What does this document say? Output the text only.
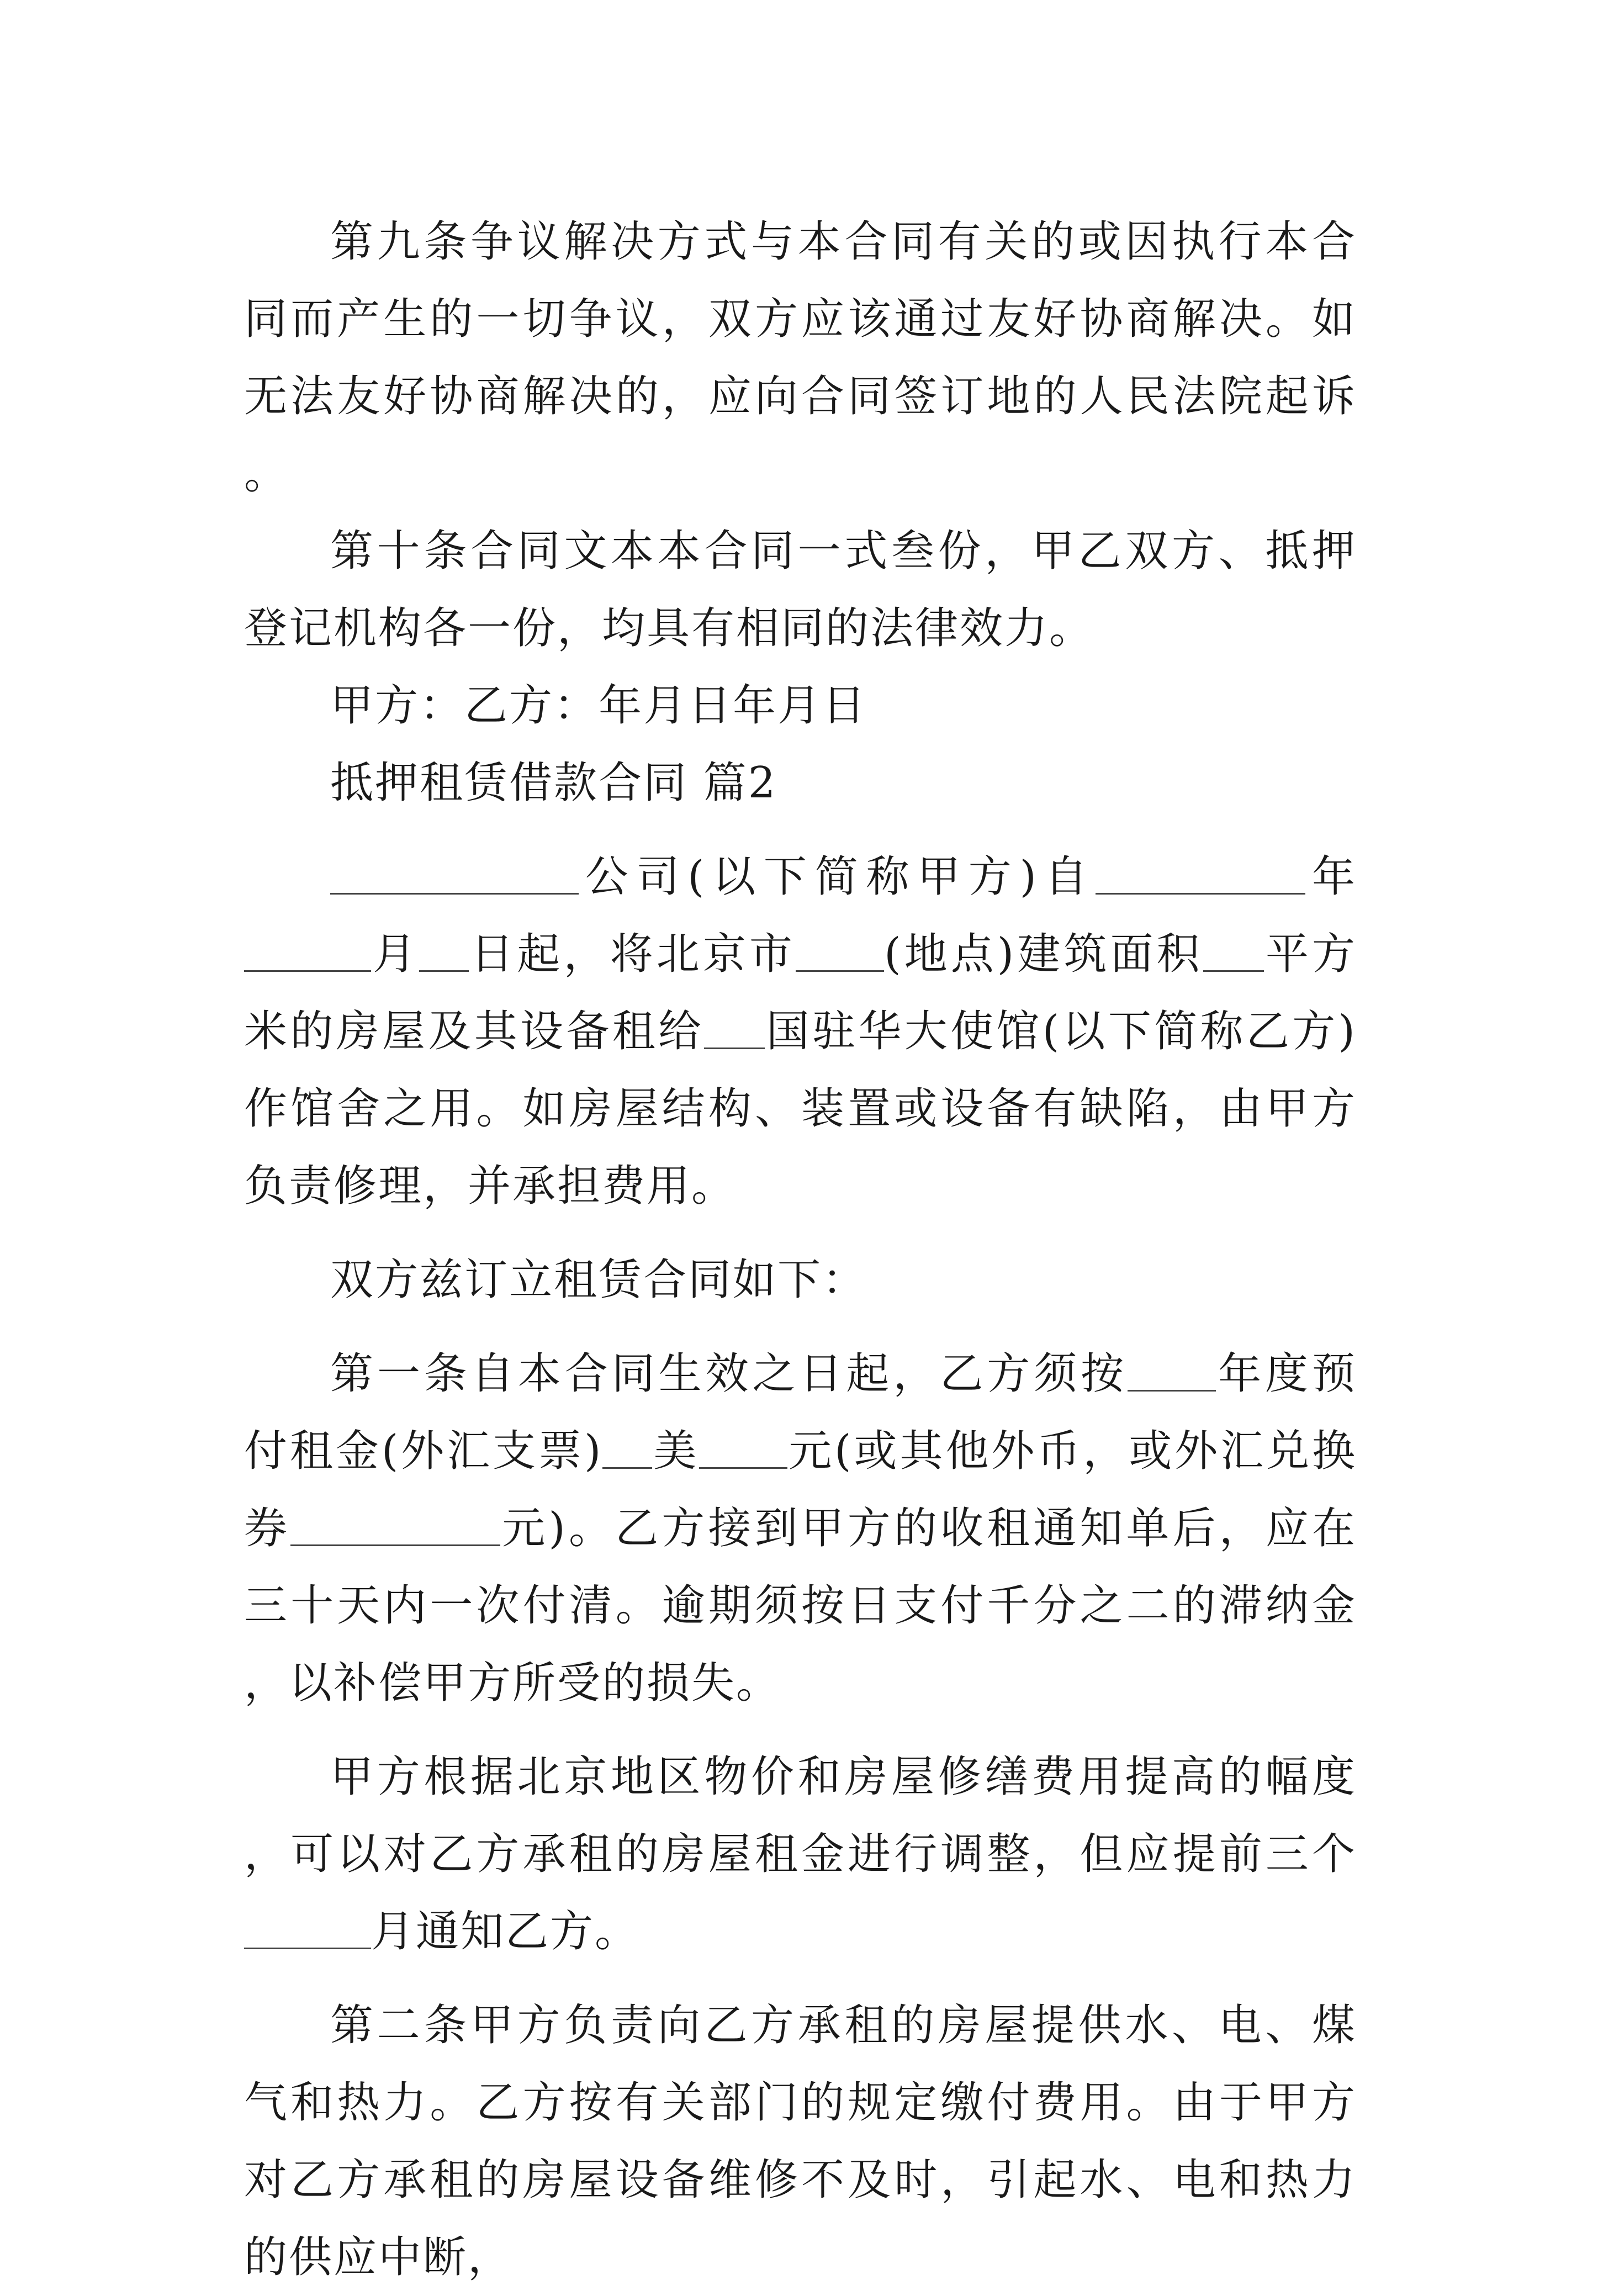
第九条争议解决方式与本合同有关的或因执行本合同而产生的一切争议，双方应该通过友好协商解决。如无法友好协商解决的，应向合同签订地的人民法院起诉。

第十条合同文本本合同一式叁份，甲乙双方、抵押登记机构各一份，均具有相同的法律效力。

甲方：乙方：年月日年月日

抵押租赁借款合同 篇2

公司(以下简称甲方)自	年月 日起，将北京市 (地点)建筑面积 平方米的房屋及其设备租给 国驻华大使馆(以下简称乙方)作馆舍之用。如房屋结构、装置或设备有缺陷，由甲方负责修理，并承担费用。

双方兹订立租赁合同如下：

第一条自本合同生效之日起，乙方须按 年度预付租金(外汇支票) 美 元(或其他外币，或外汇兑换券	元)。乙方接到甲方的收租通知单后，应在三十天内一次付清。逾期须按日支付千分之二的滞纳金，以补偿甲方所受的损失。

甲方根据北京地区物价和房屋修缮费用提高的幅度，可以对乙方承租的房屋租金进行调整，但应提前三个月通知乙方。

第二条甲方负责向乙方承租的房屋提供水、电、煤气和热力。乙方按有关部门的规定缴付费用。由于甲方对乙方承租的房屋设备维修不及时，引起水、电和热力的供应中断，
